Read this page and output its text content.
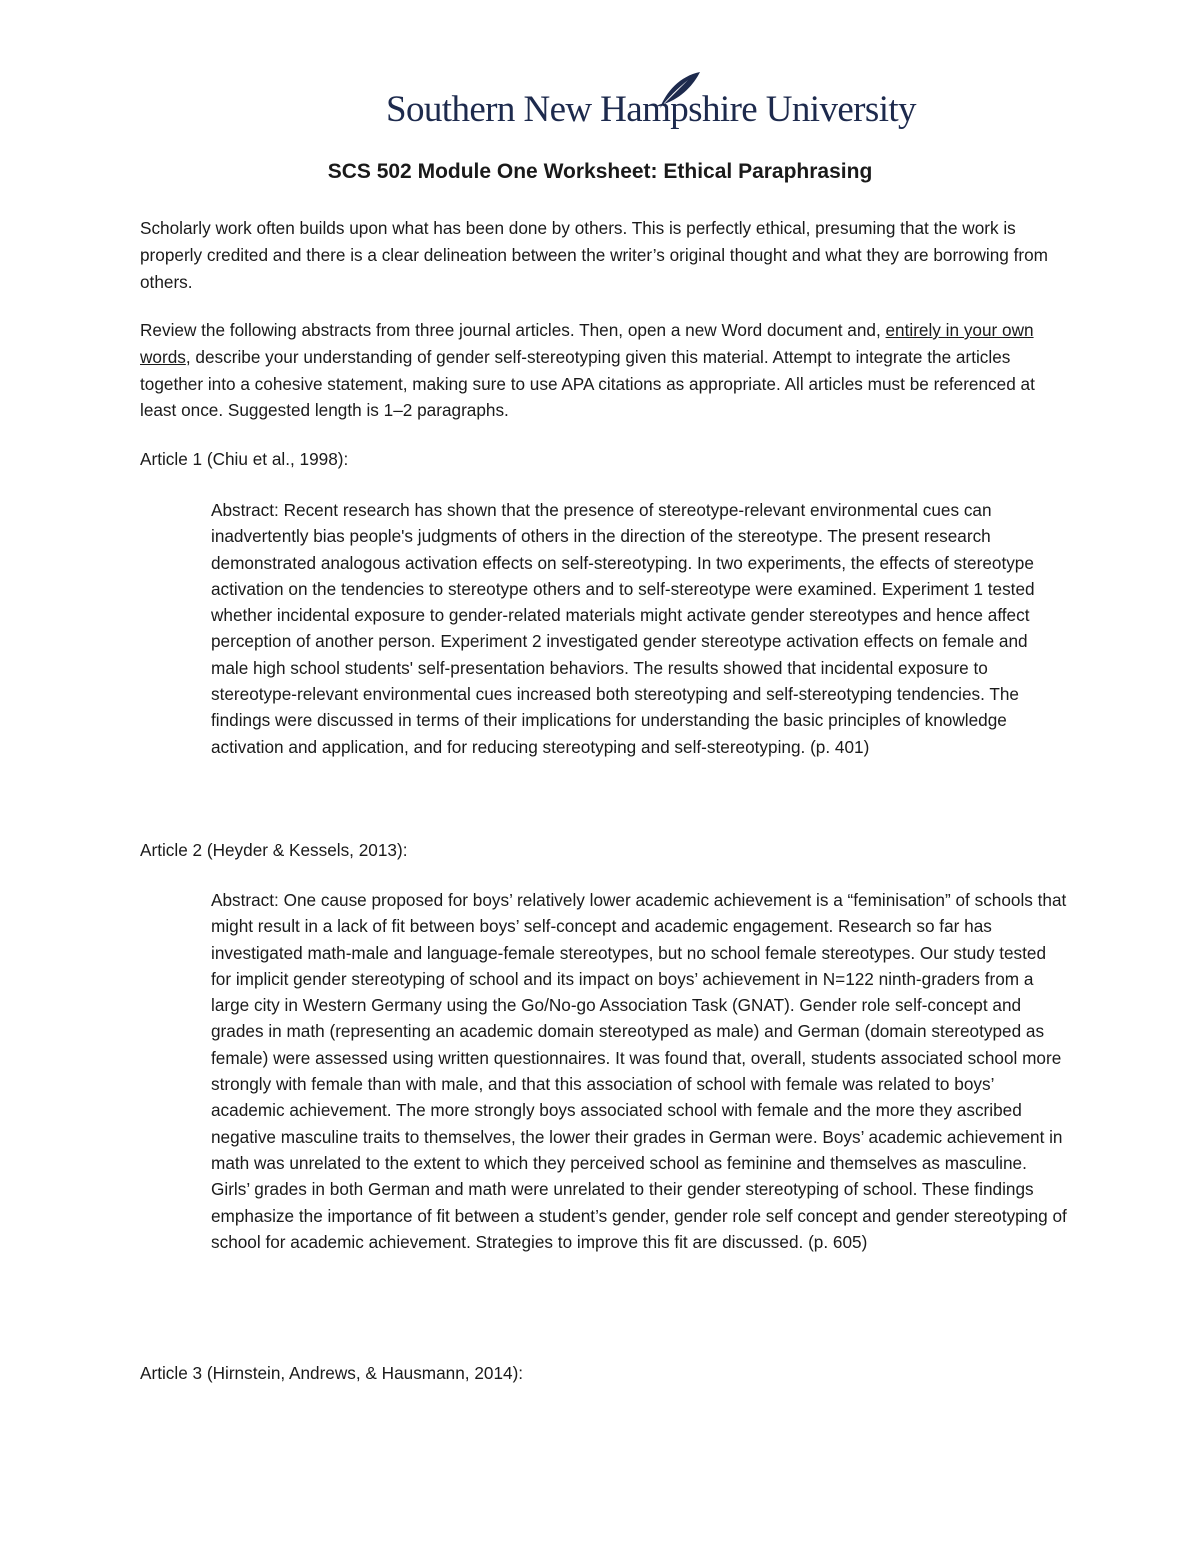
Southern New Hampshire University
SCS 502 Module One Worksheet: Ethical Paraphrasing

Scholarly work often builds upon what has been done by others. This is perfectly ethical, presuming that the work is properly credited and there is a clear delineation between the writer’s original thought and what they are borrowing from others.

Review the following abstracts from three journal articles. Then, open a new Word document and, entirely in your own words, describe your understanding of gender self-stereotyping given this material. Attempt to integrate the articles together into a cohesive statement, making sure to use APA citations as appropriate. All articles must be referenced at least once. Suggested length is 1–2 paragraphs.

Article 1 (Chiu et al., 1998):

Abstract: Recent research has shown that the presence of stereotype-relevant environmental cues can inadvertently bias people's judgments of others in the direction of the stereotype. The present research demonstrated analogous activation effects on self-stereotyping. In two experiments, the effects of stereotype activation on the tendencies to stereotype others and to self-stereotype were examined. Experiment 1 tested whether incidental exposure to gender-related materials might activate gender stereotypes and hence affect perception of another person. Experiment 2 investigated gender stereotype activation effects on female and male high school students' self-presentation behaviors. The results showed that incidental exposure to stereotype-relevant environmental cues increased both stereotyping and self-stereotyping tendencies. The findings were discussed in terms of their implications for understanding the basic principles of knowledge activation and application, and for reducing stereotyping and self-stereotyping. (p. 401)

Article 2 (Heyder & Kessels, 2013):

Abstract: One cause proposed for boys’ relatively lower academic achievement is a “feminisation” of schools that might result in a lack of fit between boys’ self-concept and academic engagement. Research so far has investigated math-male and language-female stereotypes, but no school female stereotypes. Our study tested for implicit gender stereotyping of school and its impact on boys’ achievement in N=122 ninth-graders from a large city in Western Germany using the Go/No-go Association Task (GNAT). Gender role self-concept and grades in math (representing an academic domain stereotyped as male) and German (domain stereotyped as female) were assessed using written questionnaires. It was found that, overall, students associated school more strongly with female than with male, and that this association of school with female was related to boys’ academic achievement. The more strongly boys associated school with female and the more they ascribed negative masculine traits to themselves, the lower their grades in German were. Boys’ academic achievement in math was unrelated to the extent to which they perceived school as feminine and themselves as masculine. Girls’ grades in both German and math were unrelated to their gender stereotyping of school. These findings emphasize the importance of fit between a student’s gender, gender role self concept and gender stereotyping of school for academic achievement. Strategies to improve this fit are discussed. (p. 605)

Article 3 (Hirnstein, Andrews, & Hausmann, 2014):
